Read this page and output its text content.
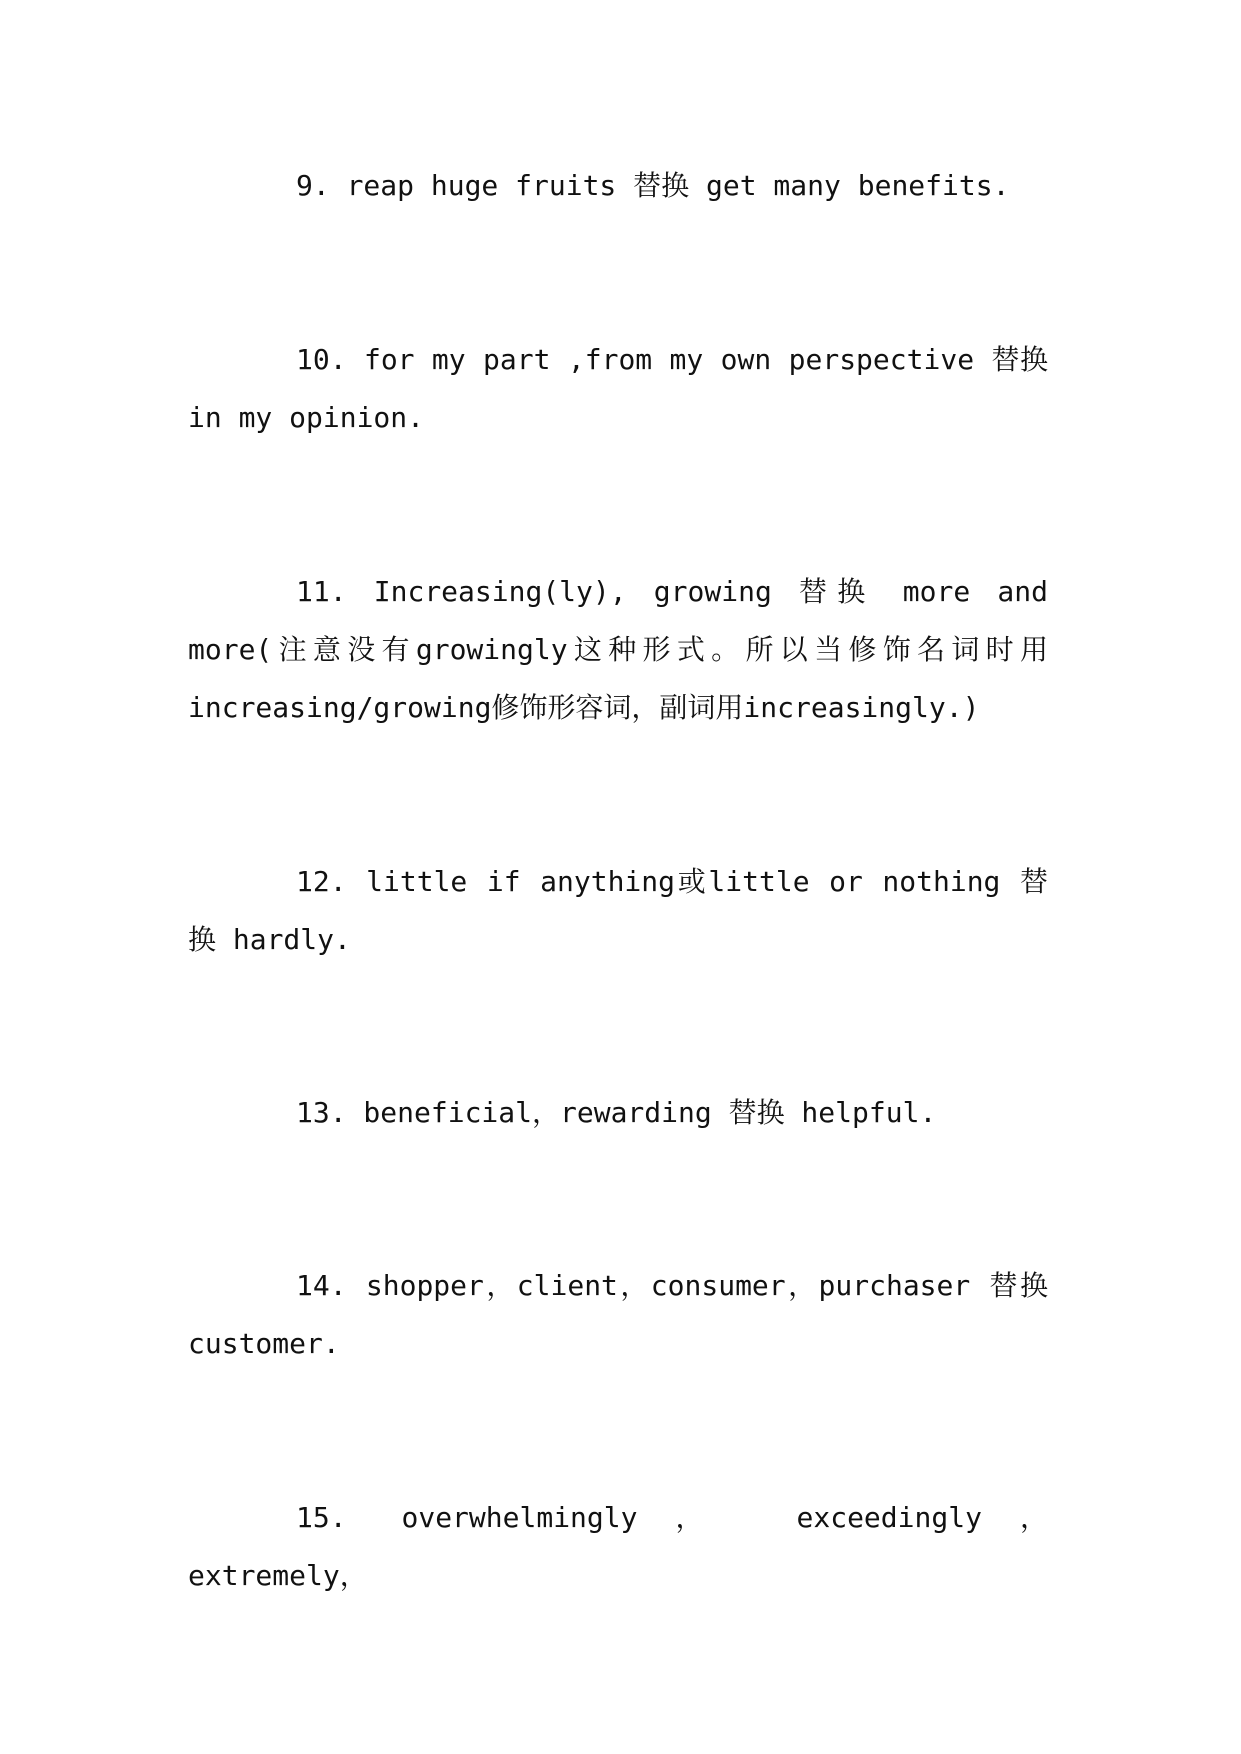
9. reap huge fruits 替换 get many benefits.

10. for my part ,from my own perspective 替换 in my opinion.

11. Increasing(ly), growing 替换 more and more(注意没有growingly这种形式。所以当修饰名词时用increasing/growing修饰形容词，副词用increasingly.)

12. little if anything或little or nothing 替换 hardly.

13. beneficial，rewarding 替换 helpful.

14. shopper，client，consumer，purchaser 替换 customer.

15. overwhelmingly， exceedingly， extremely，
